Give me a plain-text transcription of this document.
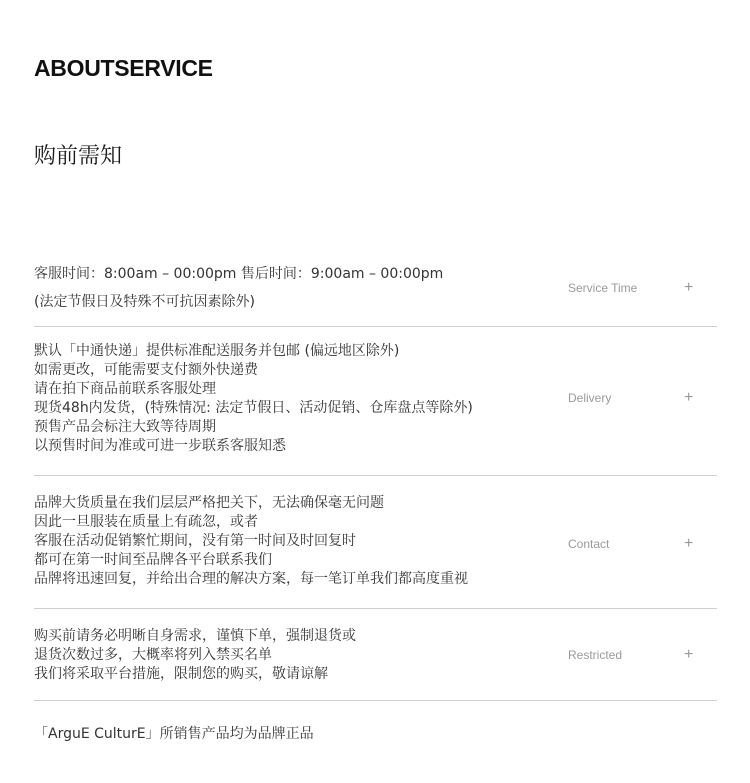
ABOUTSERVICE
购前需知
客服时间：8:00am – 00:00pm 售后时间：9:00am – 00:00pm
(法定节假日及特殊不可抗因素除外)
Service Time	+
默认「中通快递」提供标准配送服务并包邮 (偏远地区除外)
如需更改，可能需要支付额外快递费
请在拍下商品前联系客服处理
现货48h内发货，(特殊情况: 法定节假日、活动促销、仓库盘点等除外)
预售产品会标注大致等待周期
以预售时间为准或可进一步联系客服知悉
Delivery	+
品牌大货质量在我们层层严格把关下，无法确保毫无问题
因此一旦服装在质量上有疏忽，或者
客服在活动促销繁忙期间，没有第一时间及时回复时
都可在第一时间至品牌各平台联系我们
品牌将迅速回复，并给出合理的解决方案，每一笔订单我们都高度重视
Contact	+
购买前请务必明晰自身需求，谨慎下单，强制退货或
退货次数过多，大概率将列入禁买名单
我们将采取平台措施，限制您的购买，敬请谅解
Restricted	+
「ArguE CulturE」所销售产品均为品牌正品
